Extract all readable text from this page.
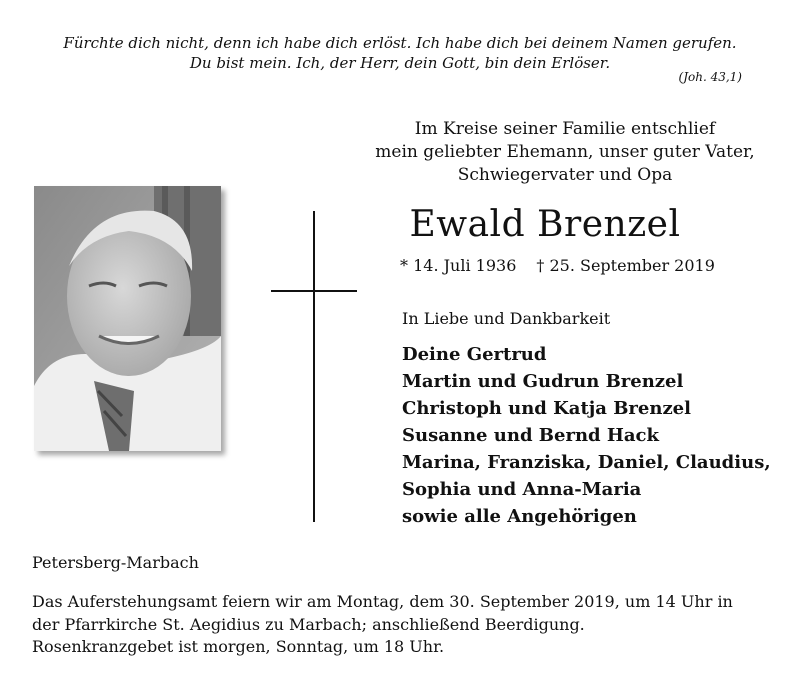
Fürchte dich nicht, denn ich habe dich erlöst. Ich habe dich bei deinem Namen gerufen.
Du bist mein. Ich, der Herr, dein Gott, bin dein Erlöser.
(Joh. 43,1)
Im Kreise seiner Familie entschlief
mein geliebter Ehemann, unser guter Vater,
Schwiegervater und Opa
Ewald Brenzel
* 14. Juli 1936 † 25. September 2019
In Liebe und Dankbarkeit
Deine Gertrud
Martin und Gudrun Brenzel
Christoph und Katja Brenzel
Susanne und Bernd Hack
Marina, Franziska, Daniel, Claudius,
Sophia und Anna-Maria
sowie alle Angehörigen
Petersberg-Marbach
Das Auferstehungsamt feiern wir am Montag, dem 30. September 2019, um 14 Uhr in
der Pfarrkirche St. Aegidius zu Marbach; anschließend Beerdigung.
Rosenkranzgebet ist morgen, Sonntag, um 18 Uhr.
